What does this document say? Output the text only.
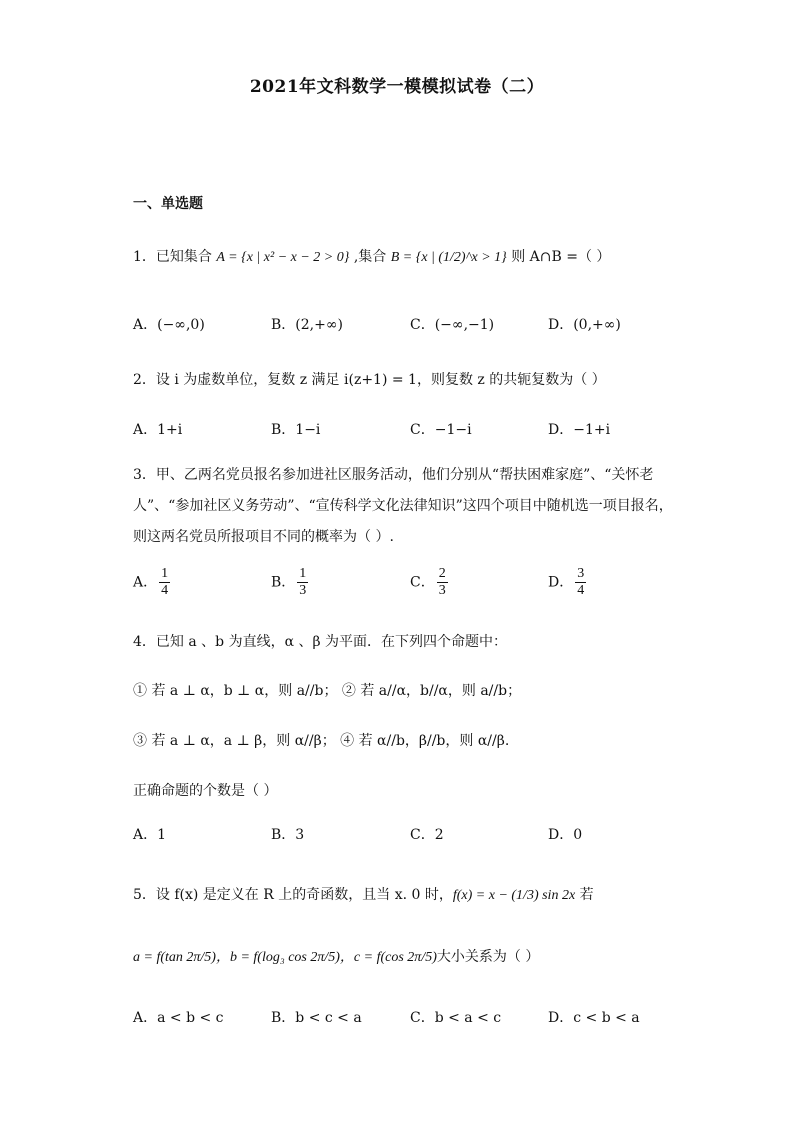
2021年文科数学一模模拟试卷（二）
一、单选题
1．已知集合 A = {x | x² − x − 2 > 0} ,集合 B = {x | (1/2)^x > 1} 则 A∩B =（ ）
A．(−∞,0)	B．(2,+∞)	C．(−∞,−1)	D．(0,+∞)
2．设 i 为虚数单位，复数 z 满足 i(z+1) = 1，则复数 z 的共轭复数为（ ）
A．1+i	B．1−i	C．−1−i	D．−1+i
3．甲、乙两名党员报名参加进社区服务活动，他们分别从“帮扶困难家庭”、“关怀老
人”、“参加社区义务劳动”、“宣传科学文化法律知识”这四个项目中随机选一项目报名，
则这两名党员所报项目不同的概率为（ ）.
A． $\frac{1}{4}$	B． $\frac{1}{3}$	C． $\frac{2}{3}$	D． $\frac{3}{4}$
4．已知 a 、b 为直线，α 、β 为平面．在下列四个命题中：
① 若 a ⊥ α，b ⊥ α，则 a//b； ② 若 a//α，b//α，则 a//b；
③ 若 a ⊥ α，a ⊥ β，则 α//β； ④ 若 α//b，β//b，则 α//β.
正确命题的个数是（ ）
A．1	B．3	C．2	D．0
5．设 f(x) 是定义在 R 上的奇函数，且当 x. 0 时，f(x) = x − (1/3) sin 2x 若
a = f(tan 2π/5)，b = f(log₃ cos 2π/5)，c = f(cos 2π/5)大小关系为（ ）
A．a < b < c	B．b < c < a	C．b < a < c	D．c < b < a
